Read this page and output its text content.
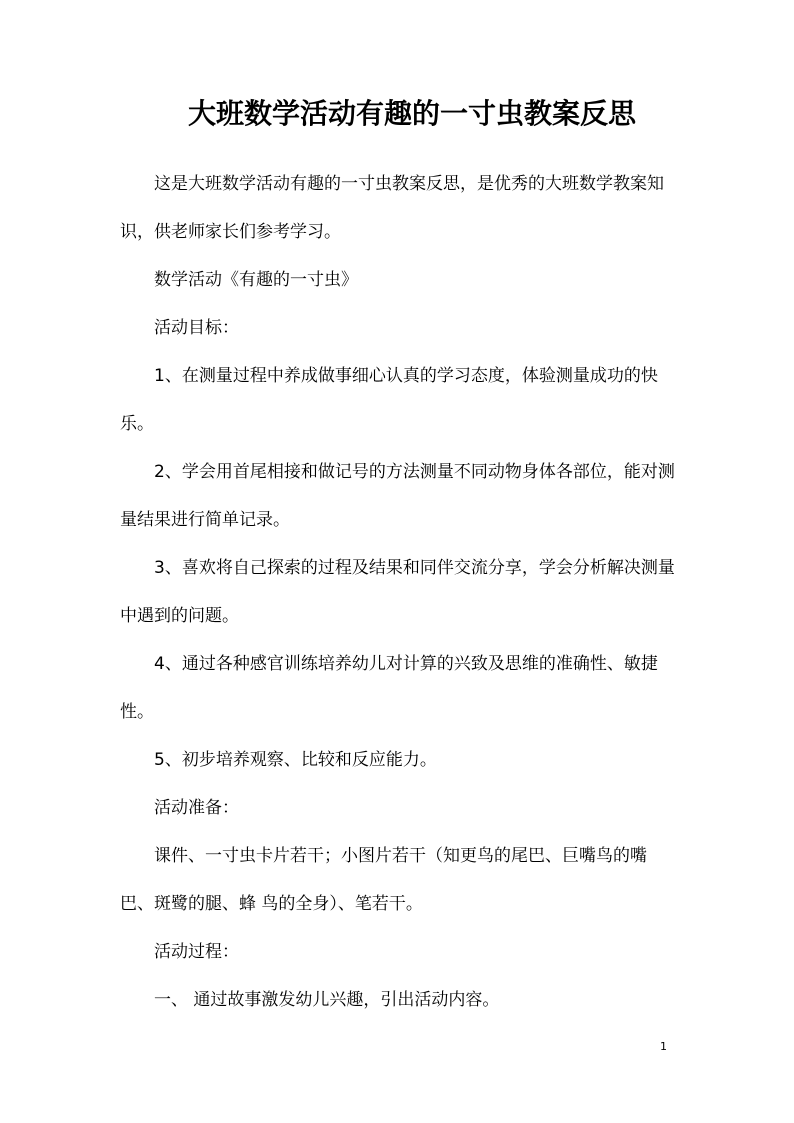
大班数学活动有趣的一寸虫教案反思

这是大班数学活动有趣的一寸虫教案反思，是优秀的大班数学教案知识，供老师家长们参考学习。

数学活动《有趣的一寸虫》

活动目标：

1、在测量过程中养成做事细心认真的学习态度，体验测量成功的快乐。

2、学会用首尾相接和做记号的方法测量不同动物身体各部位，能对测量结果进行简单记录。

3、喜欢将自己探索的过程及结果和同伴交流分享，学会分析解决测量中遇到的问题。

4、通过各种感官训练培养幼儿对计算的兴致及思维的准确性、敏捷性。

5、初步培养观察、比较和反应能力。

活动准备：

课件、一寸虫卡片若干；小图片若干（知更鸟的尾巴、巨嘴鸟的嘴巴、斑鹭的腿、蜂 鸟的全身）、笔若干。

活动过程：

一、 通过故事激发幼儿兴趣，引出活动内容。

1
